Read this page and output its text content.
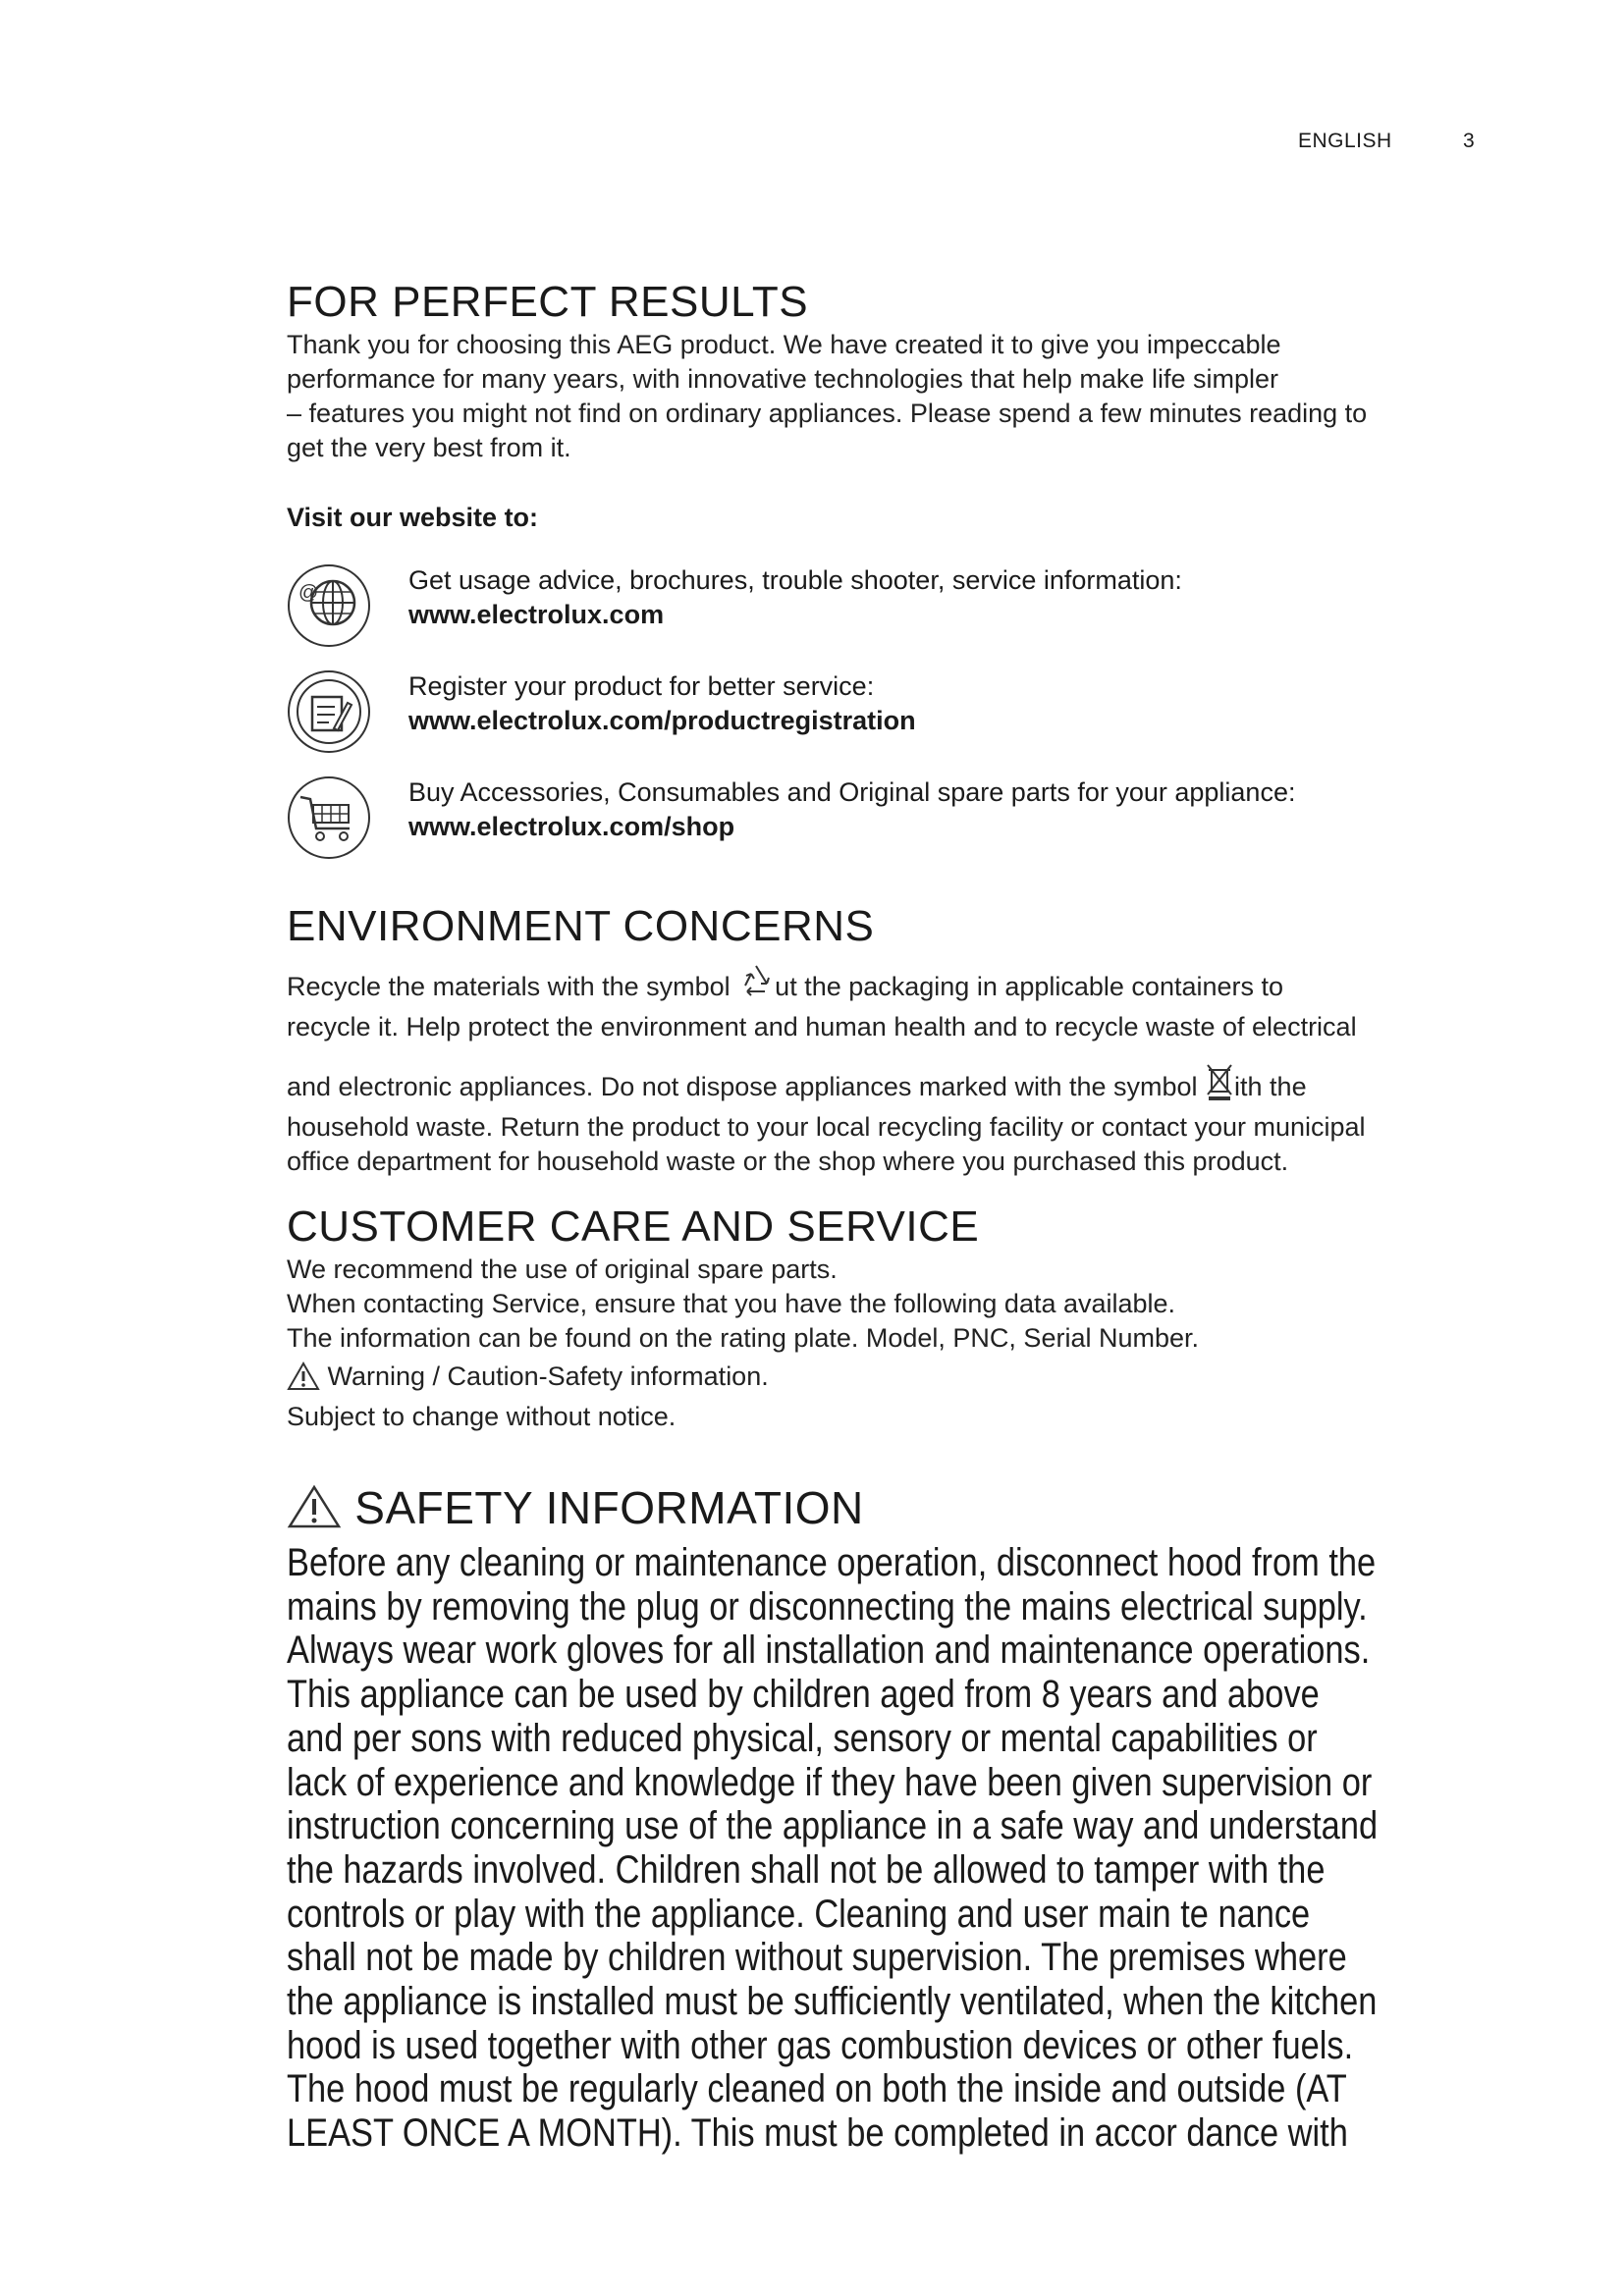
ENGLISH	3
FOR PERFECT RESULTS

Thank you for choosing this AEG product. We have created it to give you impeccable

performance for many years, with innovative technologies that help make life simpler

– features you might not find on ordinary appliances. Please spend a few minutes reading to

get the very best from it.

Visit our website to:
@	Get usage advice, brochures, trouble shooter, service information:
www.electrolux.com
Register your product for better service:
www.electrolux.com/productregistration
Buy Accessories, Consumables and Original spare parts for your appliance:
www.electrolux.com/shop
ENVIRONMENT CONCERNS

Recycle the materials with the symbol ut the packaging in applicable containers to

recycle it. Help protect the environment and human health and to recycle waste of electrical

and electronic appliances. Do not dispose appliances marked with the symbol ith the

household waste. Return the product to your local recycling facility or contact your municipal

office department for household waste or the shop where you purchased this product.

CUSTOMER CARE AND SERVICE

We recommend the use of original spare parts.

When contacting Service, ensure that you have the following data available.

The information can be found on the rating plate. Model, PNC, Serial Number.

Warning / Caution-Safety information.

Subject to change without notice.

SAFETY INFORMATION
Before any cleaning or maintenance operation, disconnect hood from the
mains by removing the plug or disconnecting the mains electrical supply.
Always wear work gloves for all installation and maintenance operations.
This appliance can be used by children aged from 8 years and above
and per sons with reduced physical, sensory or mental capabilities or
lack of experience and knowledge if they have been given supervision or
instruction concerning use of the appliance in a safe way and understand
the hazards involved. Children shall not be allowed to tamper with the
controls or play with the appliance. Cleaning and user main te nance
shall not be made by children without supervision. The premises where
the appliance is installed must be sufficiently ventilated, when the kitchen
hood is used together with other gas combustion devices or other fuels.
The hood must be regularly cleaned on both the inside and outside (AT
LEAST ONCE A MONTH). This must be completed in accor dance with
